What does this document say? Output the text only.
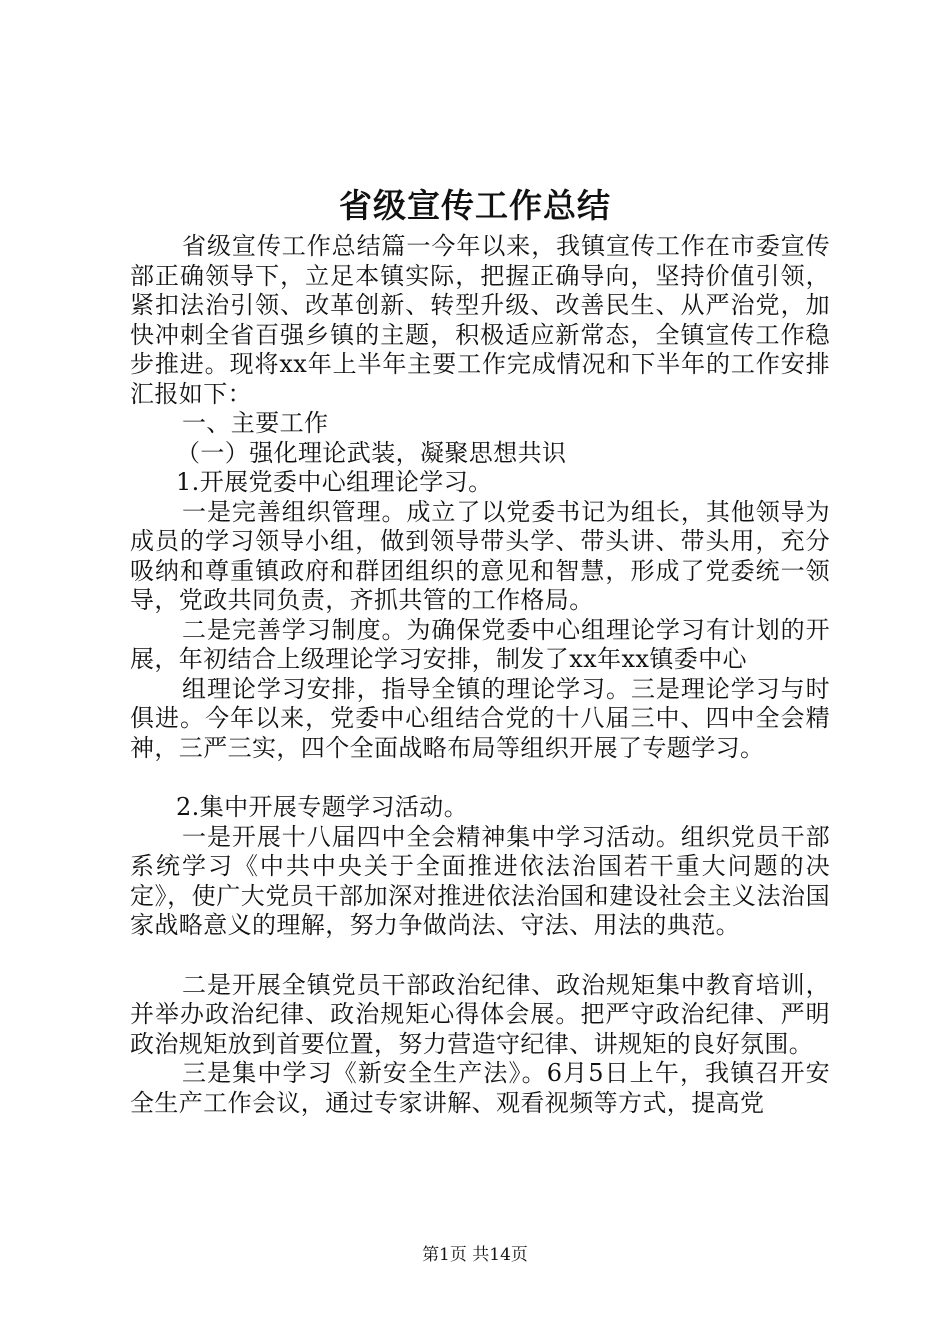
省级宣传工作总结

省级宣传工作总结篇一今年以来，我镇宣传工作在市委宣传部正确领导下，立足本镇实际，把握正确导向，坚持价值引领，紧扣法治引领、改革创新、转型升级、改善民生、从严治党，加快冲刺全省百强乡镇的主题，积极适应新常态，全镇宣传工作稳步推进。现将xx年上半年主要工作完成情况和下半年的工作安排汇报如下：

一、主要工作

（一）强化理论武装，凝聚思想共识

1.开展党委中心组理论学习。

一是完善组织管理。成立了以党委书记为组长，其他领导为成员的学习领导小组，做到领导带头学、带头讲、带头用，充分吸纳和尊重镇政府和群团组织的意见和智慧，形成了党委统一领导，党政共同负责，齐抓共管的工作格局。

二是完善学习制度。为确保党委中心组理论学习有计划的开展，年初结合上级理论学习安排，制发了xx年xx镇委中心

组理论学习安排，指导全镇的理论学习。三是理论学习与时俱进。今年以来，党委中心组结合党的十八届三中、四中全会精神，三严三实，四个全面战略布局等组织开展了专题学习。

2.集中开展专题学习活动。

一是开展十八届四中全会精神集中学习活动。组织党员干部系统学习《中共中央关于全面推进依法治国若干重大问题的决定》，使广大党员干部加深对推进依法治国和建设社会主义法治国家战略意义的理解，努力争做尚法、守法、用法的典范。

二是开展全镇党员干部政治纪律、政治规矩集中教育培训，并举办政治纪律、政治规矩心得体会展。把严守政治纪律、严明政治规矩放到首要位置，努力营造守纪律、讲规矩的良好氛围。

三是集中学习《新安全生产法》。6月5日上午，我镇召开安全生产工作会议，通过专家讲解、观看视频等方式，提高党

第1页 共14页
